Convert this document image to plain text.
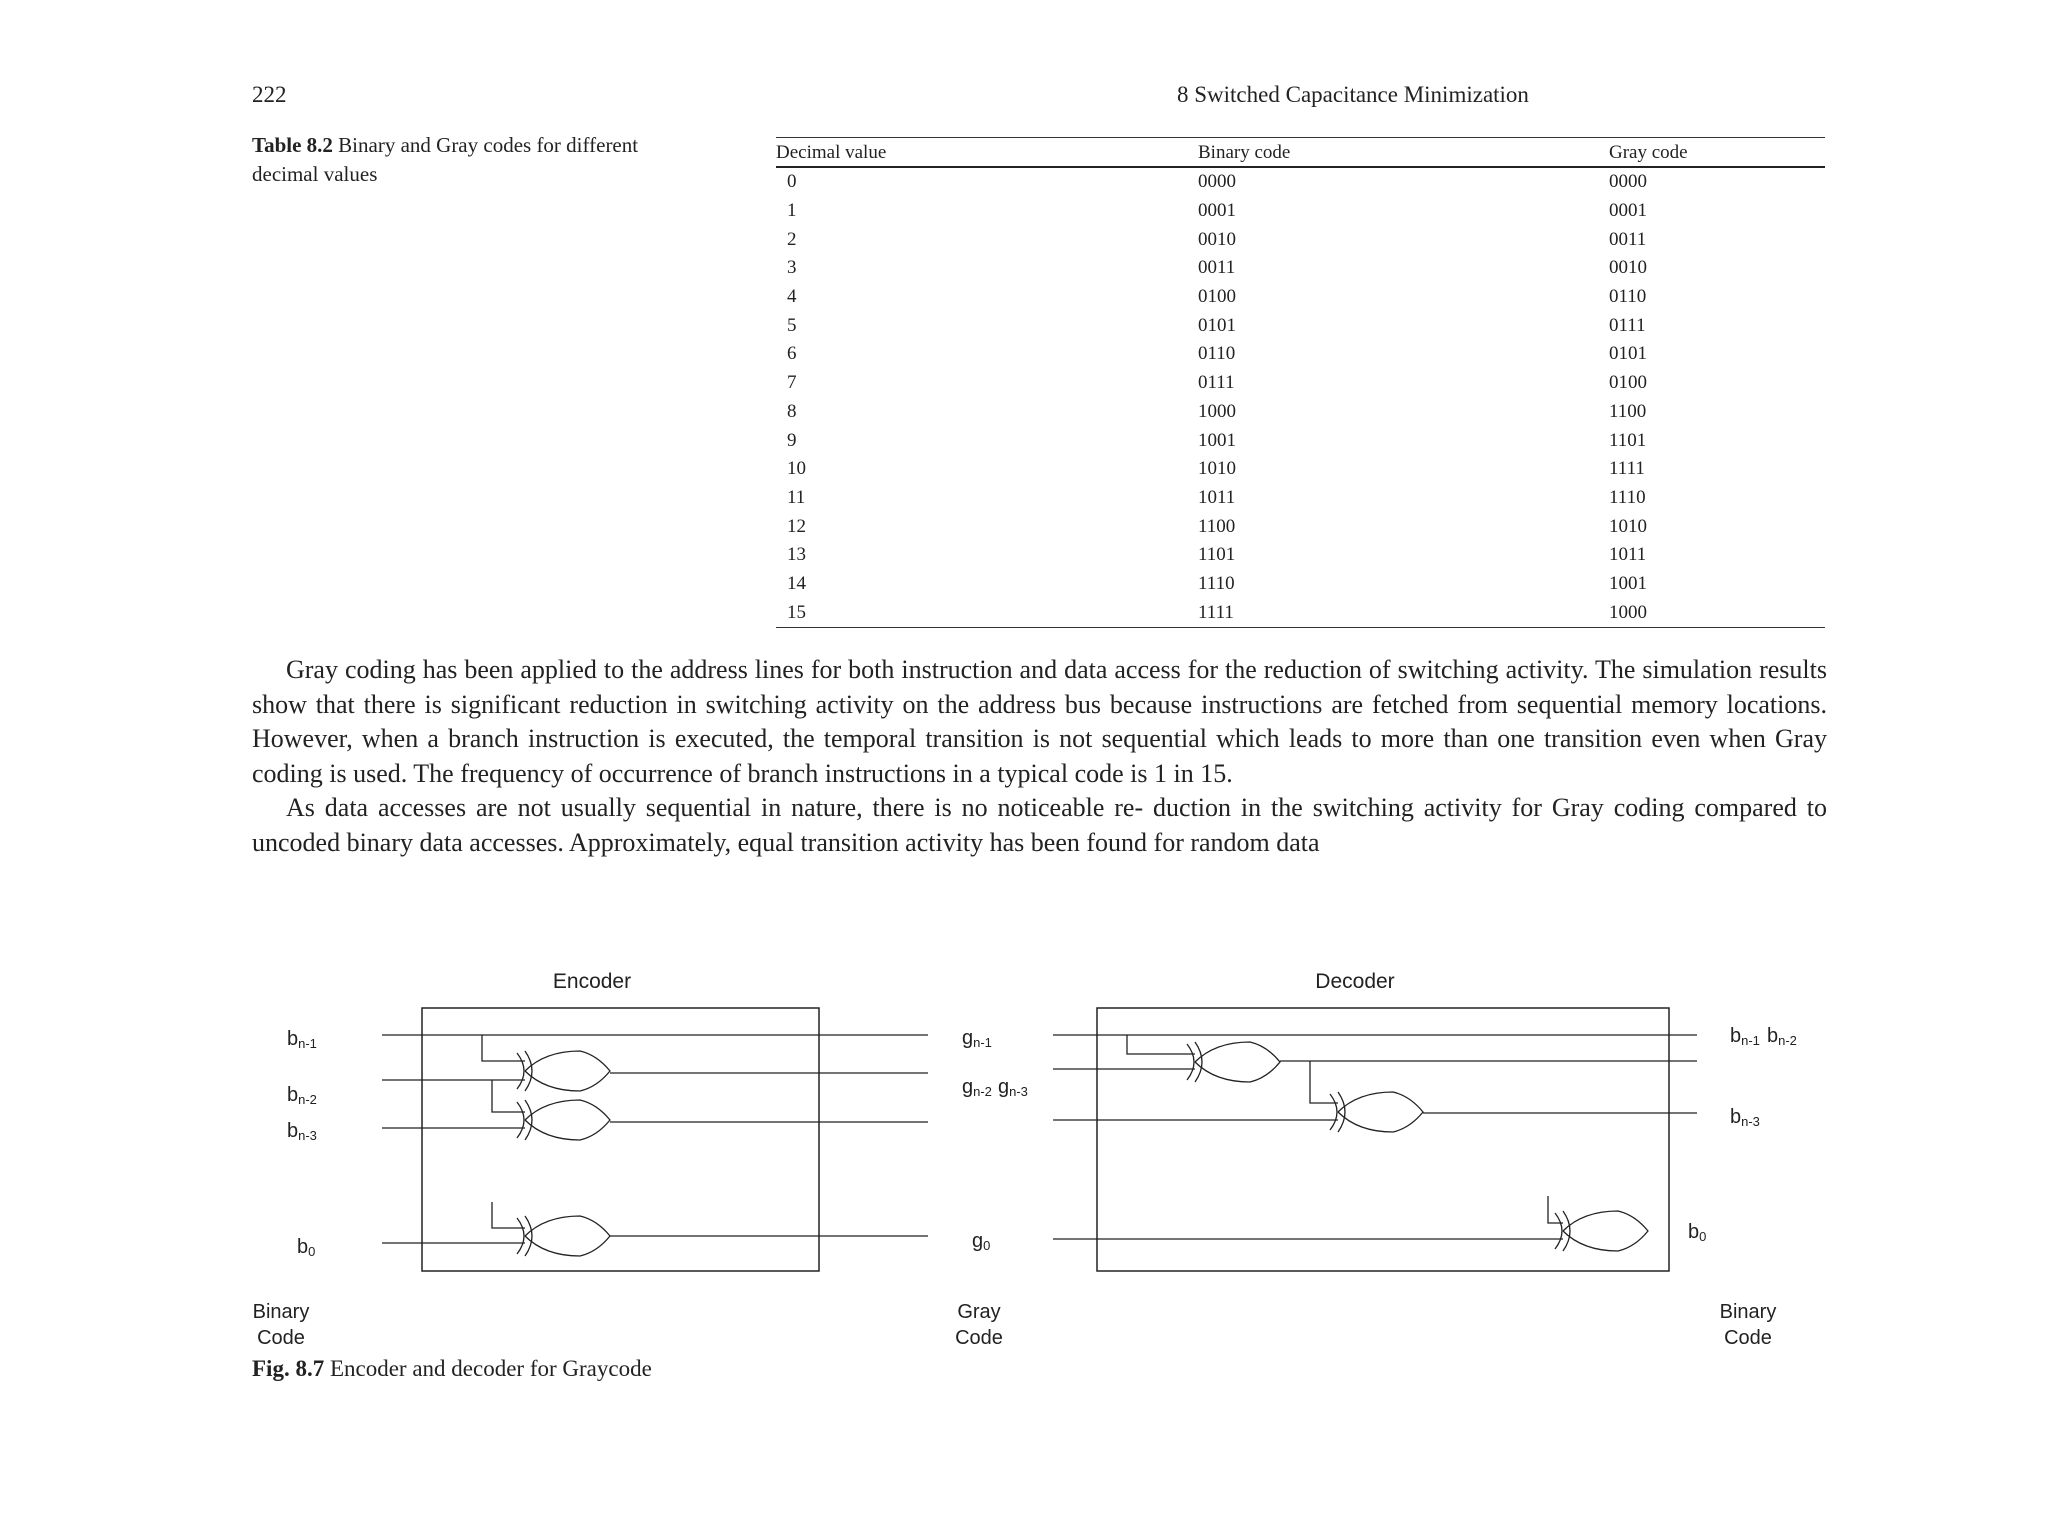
222	8 Switched Capacitance Minimization
Table 8.2 Binary and Gray codes for different decimal values
Decimal value	Binary code	Gray code
0	0000	0000
1	0001	0001
2	0010	0011
3	0011	0010
4	0100	0110
5	0101	0111
6	0110	0101
7	0111	0100
8	1000	1100
9	1001	1101
10	1010	1111
11	1011	1110
12	1100	1010
13	1101	1011
14	1110	1001
15	1111	1000

Gray coding has been applied to the address lines for both instruction and data access for the reduction of switching activity. The simulation results show that there is significant reduction in switching activity on the address bus because instructions are fetched from sequential memory locations. However, when a branch instruction is executed, the temporal transition is not sequential which leads to more than one transition even when Gray coding is used. The frequency of occurrence of branch instructions in a typical code is 1 in 15.

As data accesses are not usually sequential in nature, there is no noticeable re- duction in the switching activity for Gray coding compared to uncoded binary data accesses. Approximately, equal transition activity has been found for random data

Encoder	Decoder
bn-1
bn-2
bn-3
b0
gn-1
gn-2 gn-3
g0
bn-1 bn-2
bn-3
b0
Binary
Code
Gray
Code
Binary
Code
Fig. 8.7 Encoder and decoder for Graycode
